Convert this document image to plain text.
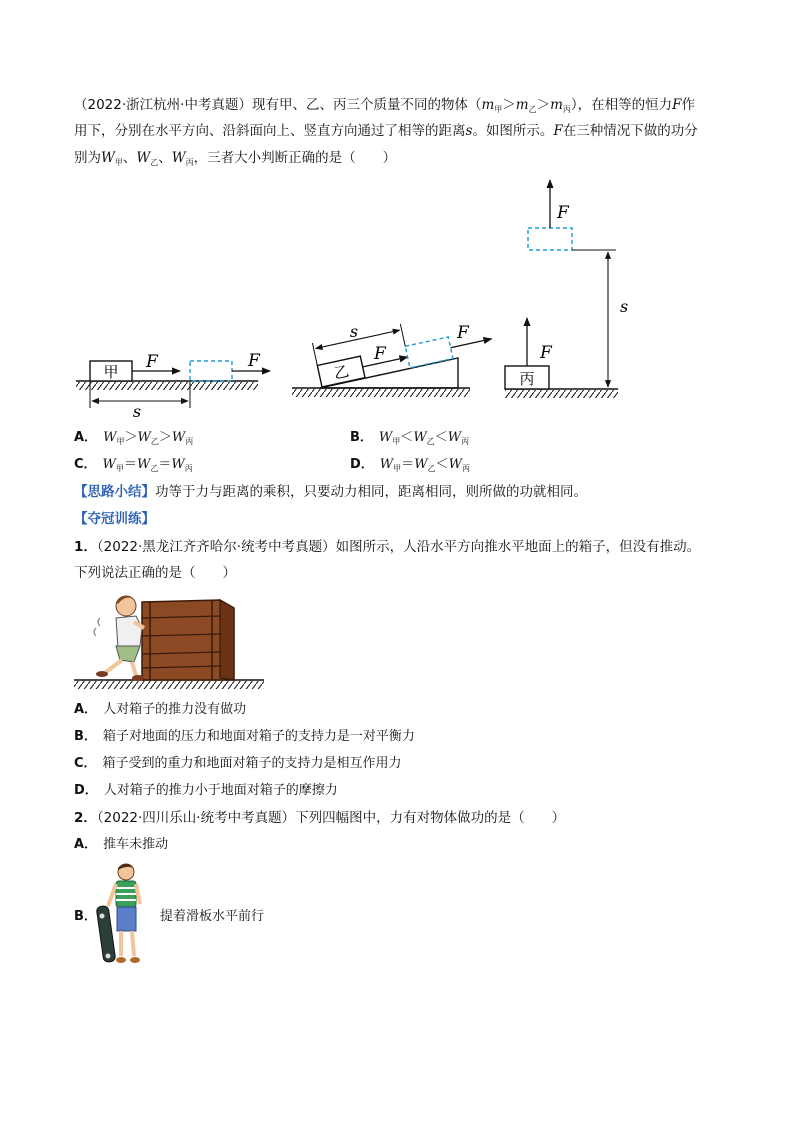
（2022·浙江杭州·中考真题）现有甲、乙、丙三个质量不同的物体$(m_甲>m_乙>m_丙)$，在相等的恒力F作
用下，分别在水平方向、沿斜面向上、竖直方向通过了相等的距离s。如图所示。F在三种情况下做的功分
别为$W_甲$、$W_乙$、$W_丙$，三者大小判断正确的是（　　）
甲 F	F
s
乙
s
F
F
丙
F
F
s
A． $W_甲>W_乙>W_丙$	B． $W_甲<W_乙<W_丙$
C． $W_甲=W_乙=W_丙$	D． $W_甲=W_乙<W_丙$
【思路小结】功等于力与距离的乘积，只要动力相同，距离相同，则所做的功就相同。
【夺冠训练】
1．（2022·黑龙江齐齐哈尔·统考中考真题）如图所示，人沿水平方向推水平地面上的箱子，但没有推动。
下列说法正确的是（　　）
A． 人对箱子的推力没有做功
B． 箱子对地面的压力和地面对箱子的支持力是一对平衡力
C． 箱子受到的重力和地面对箱子的支持力是相互作用力
D． 人对箱子的推力小于地面对箱子的摩擦力
2．（2022·四川乐山·统考中考真题）下列四幅图中，力有对物体做功的是（　　）
A． 推车未推动
B．	提着滑板水平前行
